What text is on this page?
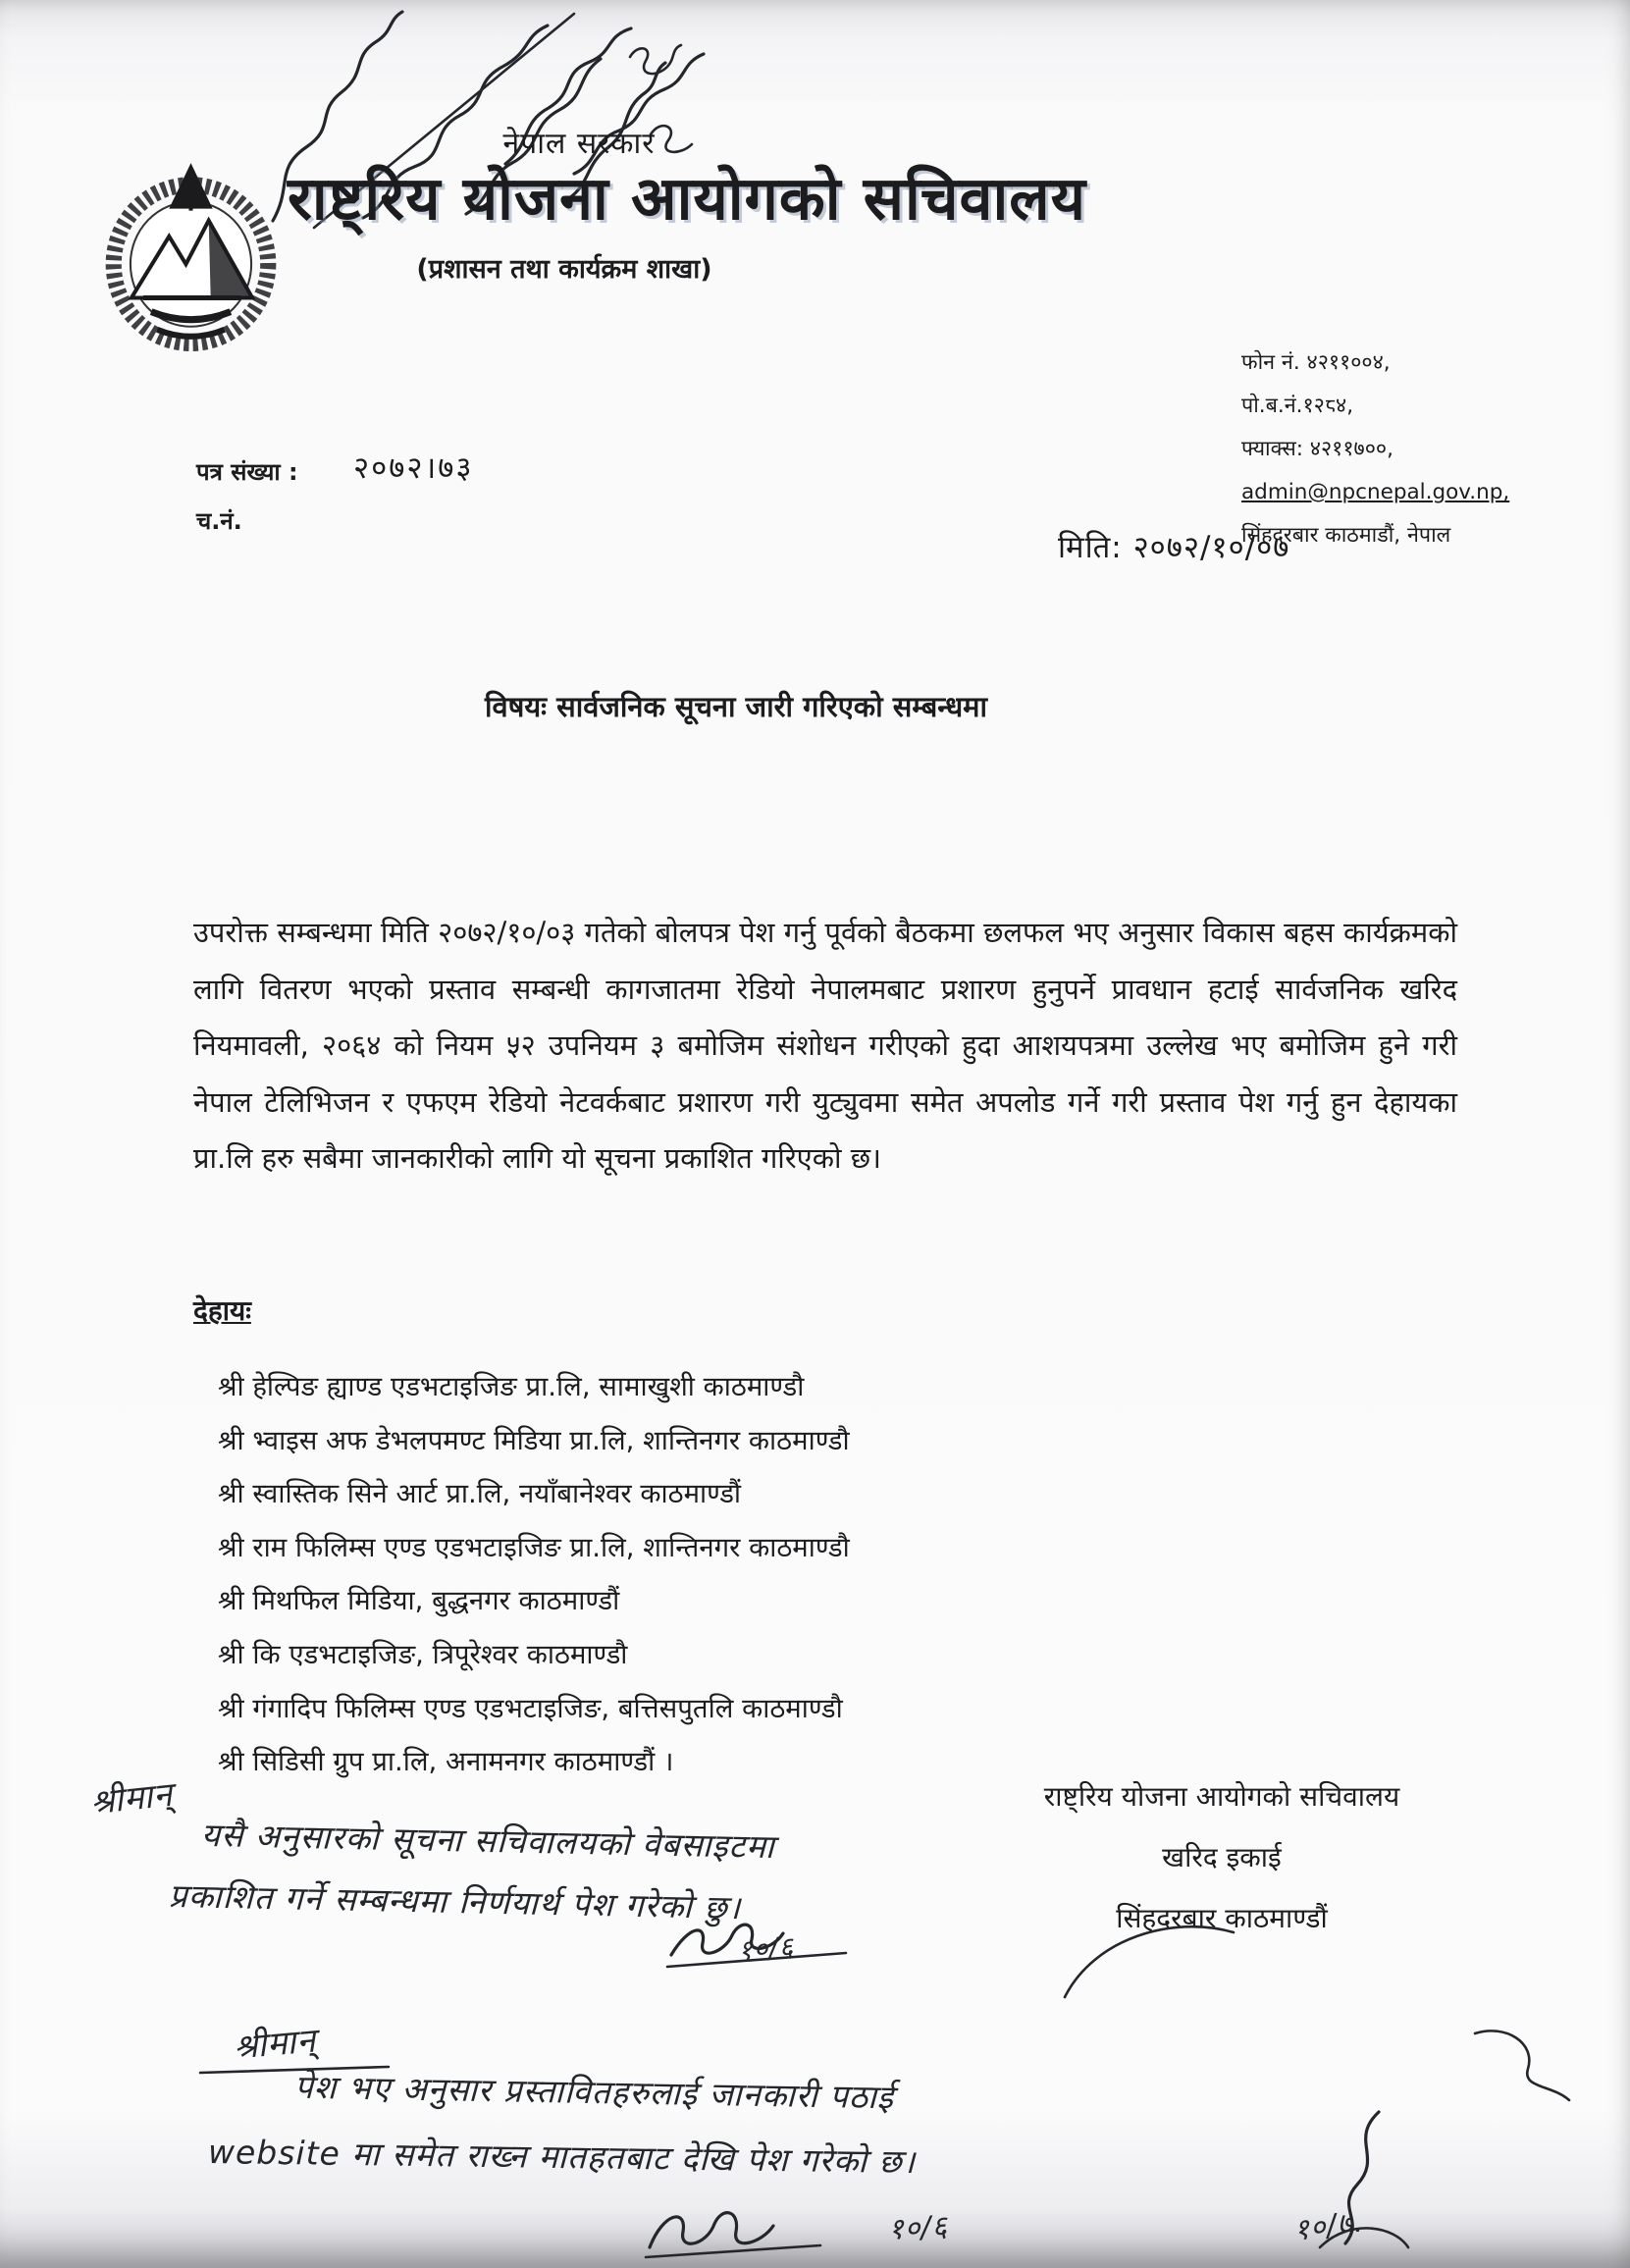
नेपाल सरकार
राष्ट्रिय योजना आयोगको सचिवालय
(प्रशासन तथा कार्यक्रम शाखा)
फोन नं. ४२११००४,
पो.ब.नं.१२८४,
फ्याक्स: ४२११७००,
admin@npcnepal.gov.np,
सिंहदरबार काठमाडौं, नेपाल
पत्र संख्या : २०७२।७३
च.नं.
मिति: २०७२/१०/०७
विषयः सार्वजनिक सूचना जारी गरिएको सम्बन्धमा
उपरोक्त सम्बन्धमा मिति २०७२/१०/०३ गतेको बोलपत्र पेश गर्नु पूर्वको बैठकमा छलफल भए अनुसार विकास बहस कार्यक्रमको लागि वितरण भएको प्रस्ताव सम्बन्धी कागजातमा रेडियो नेपालमबाट प्रशारण हुनुपर्ने प्रावधान हटाई सार्वजनिक खरिद नियमावली, २०६४ को नियम ५२ उपनियम ३ बमोजिम संशोधन गरीएको हुदा आशयपत्रमा उल्लेख भए बमोजिम हुने गरी नेपाल टेलिभिजन र एफएम रेडियो नेटवर्कबाट प्रशारण गरी युट्युवमा समेत अपलोड गर्ने गरी प्रस्ताव पेश गर्नु हुन देहायका प्रा.लि हरु सबैमा जानकारीको लागि यो सूचना प्रकाशित गरिएको छ।
देहायः
श्री हेल्पिङ ह्याण्ड एडभटाइजिङ प्रा.लि, सामाखुशी काठमाण्डौ
श्री भ्वाइस अफ डेभलपमण्ट मिडिया प्रा.लि, शान्तिनगर काठमाण्डौ
श्री स्वास्तिक सिने आर्ट प्रा.लि, नयाँबानेश्वर काठमाण्डौं
श्री राम फिलिम्स एण्ड एडभटाइजिङ प्रा.लि, शान्तिनगर काठमाण्डौ
श्री मिथफिल मिडिया, बुद्धनगर काठमाण्डौं
श्री कि एडभटाइजिङ, त्रिपूरेश्वर काठमाण्डौ
श्री गंगादिप फिलिम्स एण्ड एडभटाइजिङ, बत्तिसपुतलि काठमाण्डौ
श्री सिडिसी ग्रुप प्रा.लि, अनामनगर काठमाण्डौं ।
राष्ट्रिय योजना आयोगको सचिवालय
खरिद इकाई
सिंहदरबार काठमाण्डौं
श्रीमान्
यसै अनुसारको सूचना सचिवालयको वेबसाइटमा
प्रकाशित गर्ने सम्बन्धमा निर्णयार्थ पेश गरेको छु।
१०/६
श्रीमान्
पेश भए अनुसार प्रस्तावितहरुलाई जानकारी पठाई
website मा समेत राख्न मातहतबाट देखि पेश गरेको छ।
१०/६	१०/७.
